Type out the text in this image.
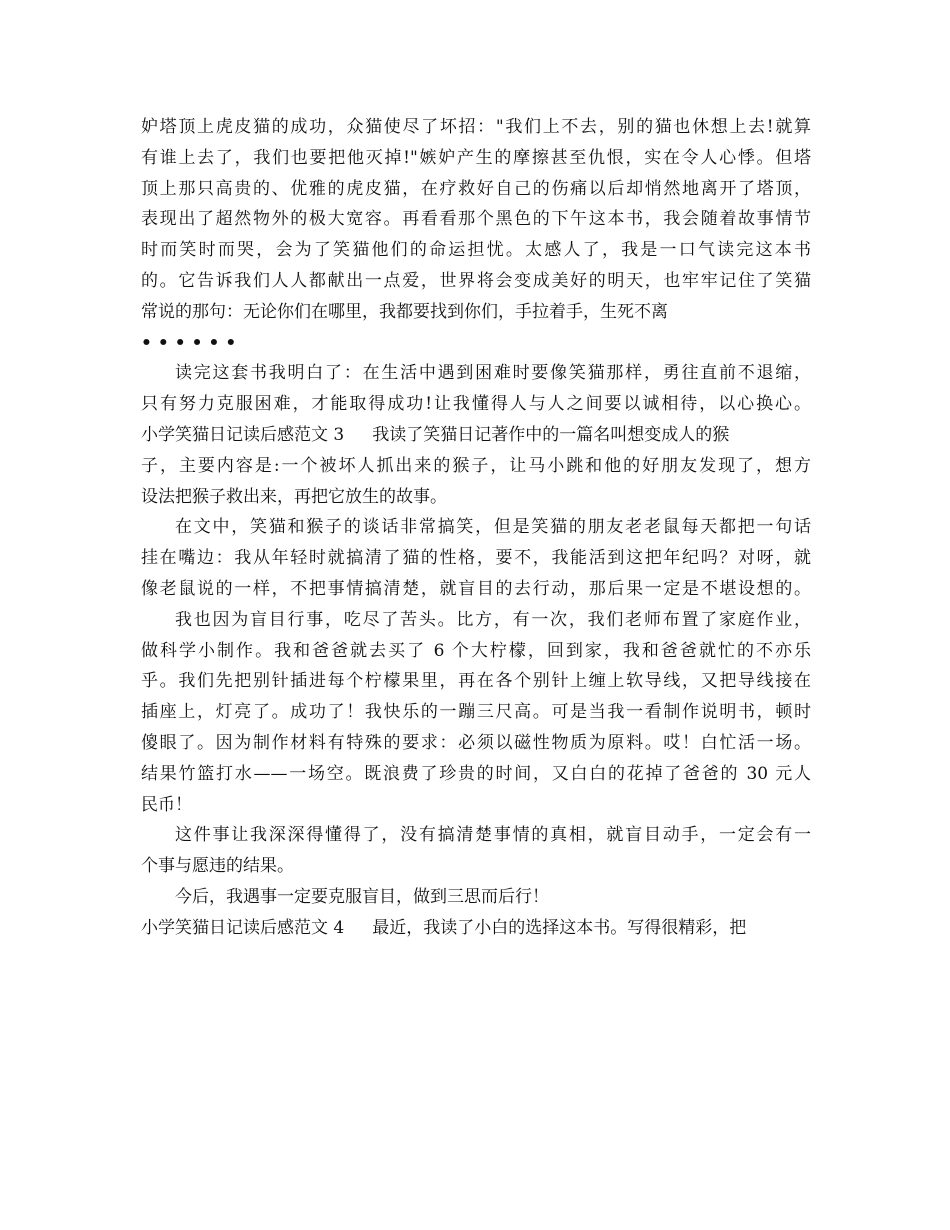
妒塔顶上虎皮猫的成功，众猫使尽了坏招："我们上不去，别的猫也休想上去!就算
有谁上去了，我们也要把他灭掉!"嫉妒产生的摩擦甚至仇恨，实在令人心悸。但塔
顶上那只高贵的、优雅的虎皮猫，在疗救好自己的伤痛以后却悄然地离开了塔顶，
表现出了超然物外的极大宽容。再看看那个黑色的下午这本书，我会随着故事情节
时而笑时而哭，会为了笑猫他们的命运担忧。太感人了，我是一口气读完这本书
的。它告诉我们人人都献出一点爱，世界将会变成美好的明天，也牢牢记住了笑猫
常说的那句：无论你们在哪里，我都要找到你们，手拉着手，生死不离
••••••
读完这套书我明白了：在生活中遇到困难时要像笑猫那样，勇往直前不退缩，
只有努力克服困难，才能取得成功!让我懂得人与人之间要以诚相待，以心换心。
小学笑猫日记读后感范文 3 我读了笑猫日记著作中的一篇名叫想变成人的猴
子，主要内容是:一个被坏人抓出来的猴子，让马小跳和他的好朋友发现了，想方
设法把猴子救出来，再把它放生的故事。
在文中，笑猫和猴子的谈话非常搞笑，但是笑猫的朋友老老鼠每天都把一句话
挂在嘴边：我从年轻时就搞清了猫的性格，要不，我能活到这把年纪吗？对呀，就
像老鼠说的一样，不把事情搞清楚，就盲目的去行动，那后果一定是不堪设想的。
我也因为盲目行事，吃尽了苦头。比方，有一次，我们老师布置了家庭作业，
做科学小制作。我和爸爸就去买了 6 个大柠檬，回到家，我和爸爸就忙的不亦乐
乎。我们先把别针插进每个柠檬果里，再在各个别针上缠上软导线，又把导线接在
插座上，灯亮了。成功了！我快乐的一蹦三尺高。可是当我一看制作说明书，顿时
傻眼了。因为制作材料有特殊的要求：必须以磁性物质为原料。哎！白忙活一场。
结果竹篮打水——一场空。既浪费了珍贵的时间，又白白的花掉了爸爸的 30 元人
民币！
这件事让我深深得懂得了，没有搞清楚事情的真相，就盲目动手，一定会有一
个事与愿违的结果。
今后，我遇事一定要克服盲目，做到三思而后行！
小学笑猫日记读后感范文 4 最近，我读了小白的选择这本书。写得很精彩，把
